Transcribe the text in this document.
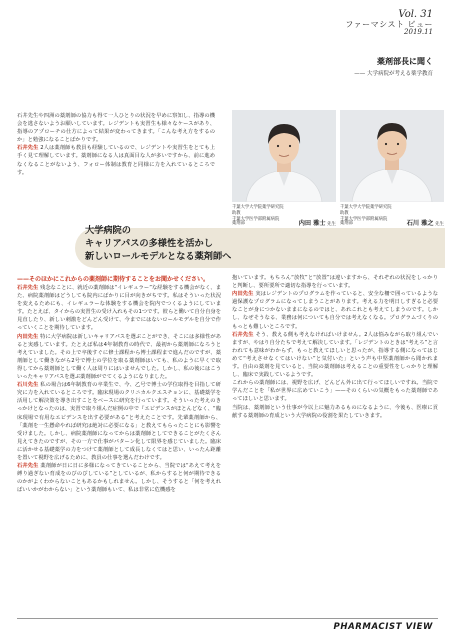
Vol. 31
ファーマシスト ビュー
2019.11
薬剤部長に聞く
—— 大学病院が考える薬学教育

石井先生や四洲の薬剤師の協力も得て一人ひとりの状況を早めに察知し、指導の機会を逃さないようお願いしています。レジデントも実習生も様々なケースがあり、指導のアプローチの仕方によって結果が変わってきます。「こんな考え方をするのか」と勉強になることばかりです。

石井先生 2人は薬剤師も教員も経験しているので、レジデントや実習生をとても上手く見て理解しています。薬剤師になる人は真面目な人が多いですから、前に進めなくなることがないよう、フォロー体制は教育と同様に力を入れているところです。

千葉大学大学院薬学研究院
助教
千葉大学医学部附属病院
薬剤部	内田 雅士 先生
千葉大学大学院薬学研究院
助教
千葉大学医学部附属病院
薬剤部	石川 雅之 先生
大学病院の
キャリアパスの多様性を活かし
新しいロールモデルとなる薬剤師へ
——そのほかにこれからの薬剤師に期待することをお聞かせください。

石井先生 残念なことに、就近の薬剤師は“イレギュラー”な経験をする機会がなく、また、病院薬剤師はどうしても院内にばかりに目が向きがちです。私はそういった状況を変えるためにも、イレギュラーな体験をする機会を院内でつくるようにしています。たとえば、タイからの実習生の受け入れもその1つです。彼らと働いて自分自身を見直したり、新しい刺激をどんどん受けて、今までにはないロールモデルを自分で作っていくことを期待しています。

内田先生 特に大学病院は新しいキャリアパスを選ぶことができ、そこには多様性があると実感しています。たとえば私は4年制教育の時代で、最初から薬剤師になろうと考えていました。その上で卒後すぐに修士課程から博士課程まで進んだのですが、薬剤師として働きながら2号で博士の学位を取る薬剤師はいても、私のように早くで取得してから薬剤師として働く人は周りにはいませんでした。しかし、私の後にはこういったキャリアパスを選ぶ薬剤師がでてくるようになりました。

石川先生 私の場合は6年制教育の卒業生で、今、乙号で博士の学位取得を目指して研究に力を入れているところです。臨床現場のクリニカルクエスチョンに、基礎薬学を活用して解決策を導き出すことをベースに研究を行っています。そういった考えのきっかけとなったのは、実習で取り組んだ症例の中で『エビデンスがほとんどなく、“臨床現場で有用なエビデンスを出す必要がある”と考えたことです。先輩薬剤師から、「薬剤を一生懸命やれば研究は絶対に必要になる」と教えてもらったことにも影響を受けました。しかし、病院薬剤師になってからは薬剤師としてできることがたくさん見えてきたのですが、その一方で仕事がパターン化して限界を感じていました。臨床に活かせる基礎薬学の力をつけて薬剤師として成長しなくてはと思い、いったん距離を置いて視野を広げるために、教員の仕事を選んだわけです。

石井先生 薬剤師が日に日に多様になってきていることから、当院では“あえて考えを縛り過ぎない育成をのびのびしている”としているが、私からすると何が期待できるのかがよくわからないこともあるかもしれません。しかし、そうすると「何を考えればいいかがわからない」という薬剤師もいて、私は非常に危機感を

抱いています。もちろん“放牧”と“放置”は違いますから、それぞれの状況をしっかりと判断し、要所要所で適切な指導を行っています。

内田先生 実はレジデントのプログラムを作っていると、安全な柵で囲っているような過保護なプログラムになってしまうことがあります。考える力を明日しすぎると必要なことが身につかないままになるのではと、あれこれとも考えてしまうのです。しかし、なぜそうなる、業務は何についても自分では考えなくなる。プログラムづくりのもっとも難しいところです。

石井先生 そう、教える側も考えなければいけません。2人は悩みながら取り組んでいますが、やはり自分たちで考えて解決しています。「レジデントのときは“考えろ”と言われても意味がわからず、もっと教えてほしいと思ったが、指導する側になってはじめて“考えさせなくてはいけない”と気付いた」という声も中堅薬剤師から聞かれます。自由の薬剤を見ていると、当院の薬剤師は考えることの重要性をしっかりと理解し、臨床で実践しているようです。

これからの薬剤師には、視野を広げ、どんどん外に出て行ってほしいですね。当院で学んだことを「私が世界に広めていこう」——そのくらいの気概をもった薬剤師であってほしいと思います。

当院は、薬剤師という仕事が今以上に魅力あるものになるように、今後も、医療に貢献する薬剤師の育成という大学病院の役割を果たしていきます。

PHARMACIST VIEW
